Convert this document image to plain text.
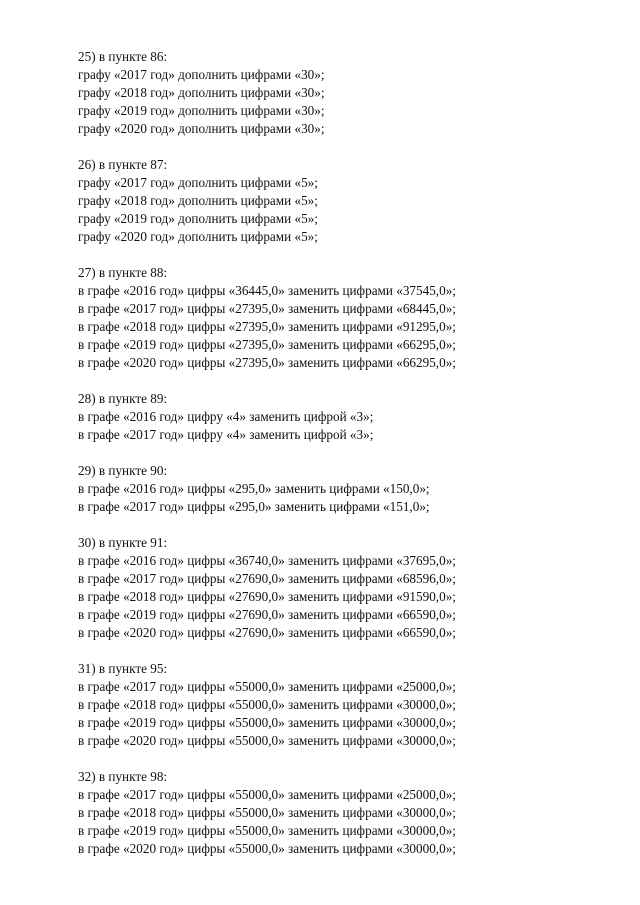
25) в пункте 86:
графу «2017 год» дополнить цифрами «30»;
графу «2018 год» дополнить цифрами «30»;
графу «2019 год» дополнить цифрами «30»;
графу «2020 год» дополнить цифрами «30»;
26) в пункте 87:
графу «2017 год» дополнить цифрами «5»;
графу «2018 год» дополнить цифрами «5»;
графу «2019 год» дополнить цифрами «5»;
графу «2020 год» дополнить цифрами «5»;
27) в пункте 88:
в графе «2016 год» цифры «36445,0» заменить цифрами «37545,0»;
в графе «2017 год» цифры «27395,0» заменить цифрами «68445,0»;
в графе «2018 год» цифры «27395,0» заменить цифрами «91295,0»;
в графе «2019 год» цифры «27395,0» заменить цифрами «66295,0»;
в графе «2020 год» цифры «27395,0» заменить цифрами «66295,0»;
28) в пункте 89:
в графе «2016 год» цифру «4» заменить цифрой «3»;
в графе «2017 год» цифру «4» заменить цифрой «3»;
29) в пункте 90:
в графе «2016 год» цифры «295,0» заменить цифрами «150,0»;
в графе «2017 год» цифры «295,0» заменить цифрами «151,0»;
30) в пункте 91:
в графе «2016 год» цифры «36740,0» заменить цифрами «37695,0»;
в графе «2017 год» цифры «27690,0» заменить цифрами «68596,0»;
в графе «2018 год» цифры «27690,0» заменить цифрами «91590,0»;
в графе «2019 год» цифры «27690,0» заменить цифрами «66590,0»;
в графе «2020 год» цифры «27690,0» заменить цифрами «66590,0»;
31) в пункте 95:
в графе «2017 год» цифры «55000,0» заменить цифрами «25000,0»;
в графе «2018 год» цифры «55000,0» заменить цифрами «30000,0»;
в графе «2019 год» цифры «55000,0» заменить цифрами «30000,0»;
в графе «2020 год» цифры «55000,0» заменить цифрами «30000,0»;
32) в пункте 98:
в графе «2017 год» цифры «55000,0» заменить цифрами «25000,0»;
в графе «2018 год» цифры «55000,0» заменить цифрами «30000,0»;
в графе «2019 год» цифры «55000,0» заменить цифрами «30000,0»;
в графе «2020 год» цифры «55000,0» заменить цифрами «30000,0»;
